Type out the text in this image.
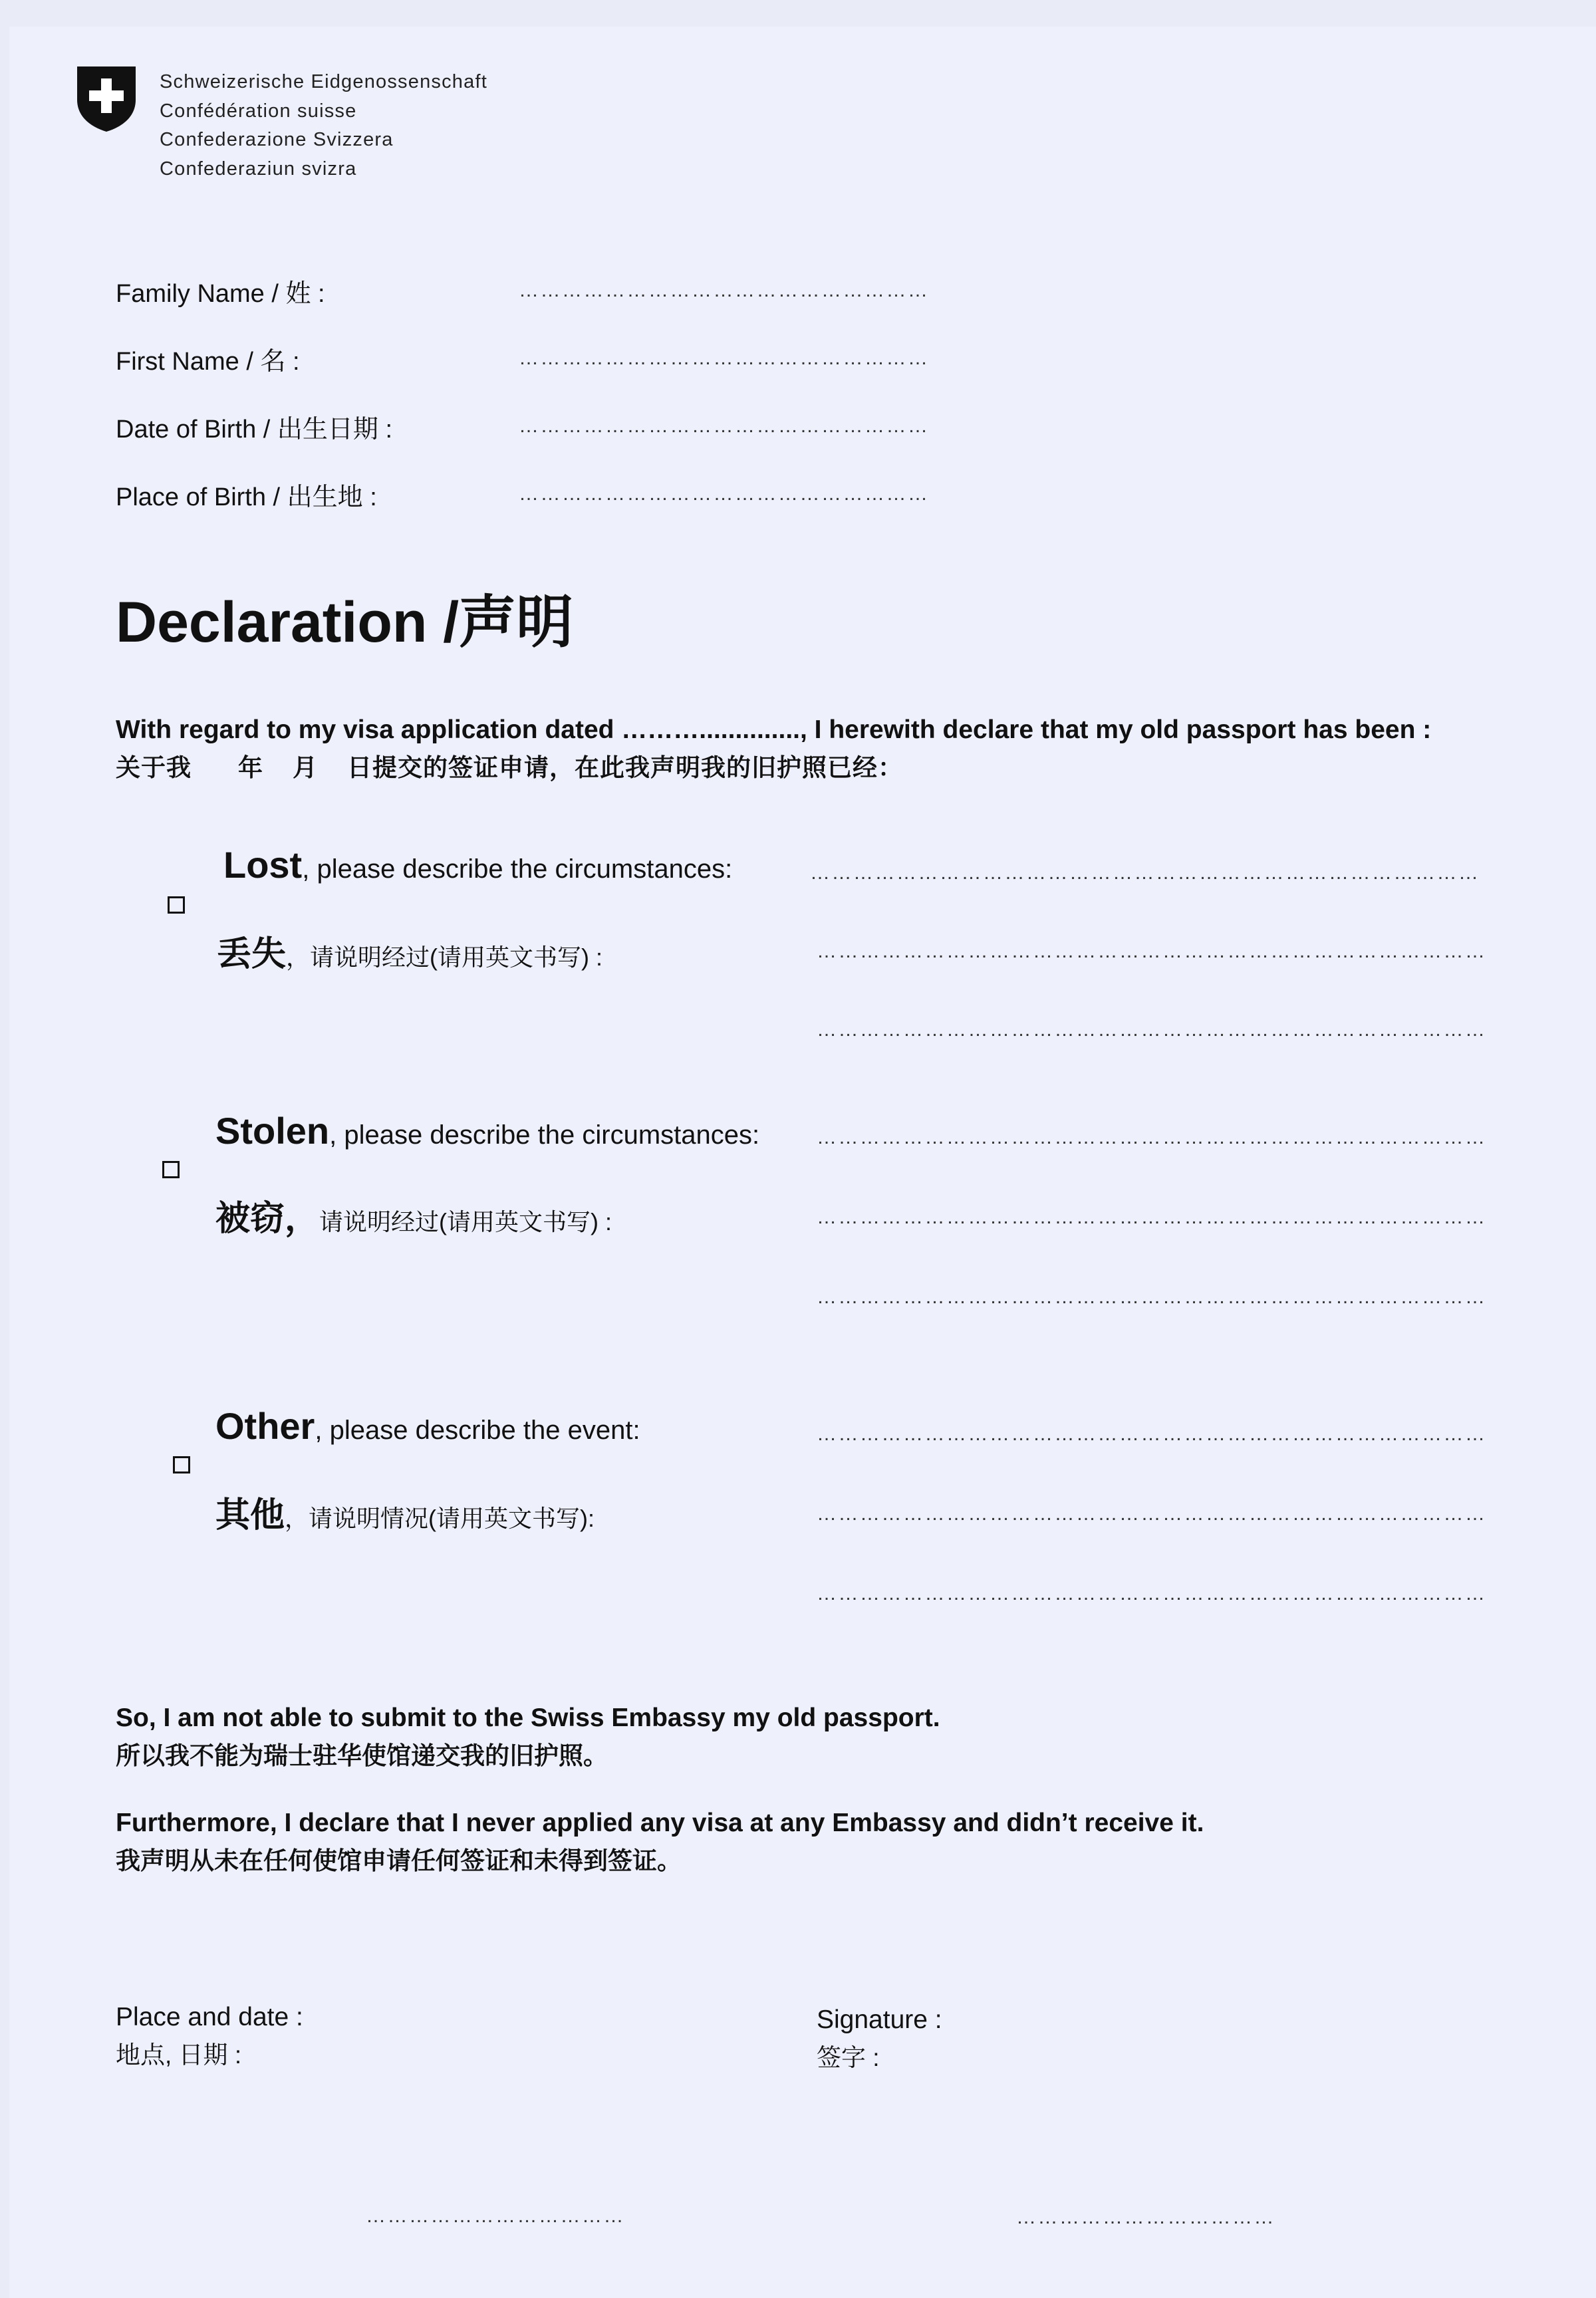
Schweizerische Eidgenossenschaft
Confédération suisse
Confederazione Svizzera
Confederaziun svizra
Family Name / 姓 :	…………………………………………………
First Name / 名 :	…………………………………………………
Date of Birth / 出生日期 :	…………………………………………………
Place of Birth / 出生地 :	…………………………………………………
Declaration /声明
With regard to my visa application dated ……….............., I herewith declare that my old passport has been :
关于我 年 月 日提交的签证申请，在此我声明我的旧护照已经：
Lost, please describe the circumstances:
丢失，请说明经过(请用英文书写) :
…………………………………………………………………………………
…………………………………………………………………………………
…………………………………………………………………………………
Stolen, please describe the circumstances:
被窃，请说明经过(请用英文书写) :
…………………………………………………………………………………
…………………………………………………………………………………
…………………………………………………………………………………
Other, please describe the event:
其他，请说明情况(请用英文书写):
…………………………………………………………………………………
…………………………………………………………………………………
…………………………………………………………………………………
So, I am not able to submit to the Swiss Embassy my old passport.
所以我不能为瑞士驻华使馆递交我的旧护照。
Furthermore, I declare that I never applied any visa at any Embassy and didn’t receive it.
我声明从未在任何使馆申请任何签证和未得到签证。
Place and date :
地点, 日期 :
Signature :
签字 :
………………………………	………………………………
